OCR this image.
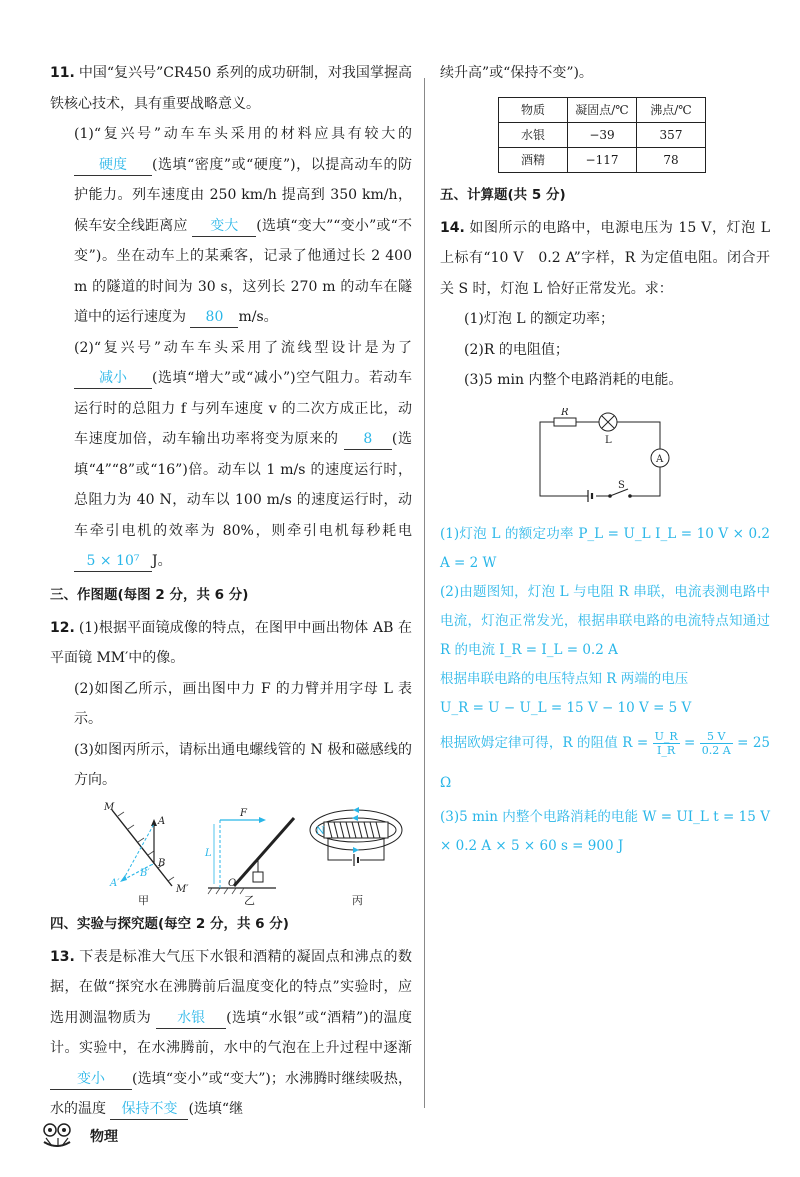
11. 中国“复兴号”CR450 系列的成功研制，对我国掌握高铁核心技术，具有重要战略意义。

(1)“复兴号”动车车头采用的材料应具有较大的 硬度 (选填“密度”或“硬度”)，以提高动车的防护能力。列车速度由 250 km/h 提高到 350 km/h，候车安全线距离应 变大 (选填“变大”“变小”或“不变”)。坐在动车上的某乘客，记录了他通过长 2 400 m 的隧道的时间为 30 s，这列长 270 m 的动车在隧道中的运行速度为 80 m/s。

(2)“复兴号”动车车头采用了流线型设计是为了 减小 (选填“增大”或“减小”)空气阻力。若动车运行时的总阻力 f 与列车速度 v 的二次方成正比，动车速度加倍，动车输出功率将变为原来的 8 (选填“4”“8”或“16”)倍。动车以 1 m/s 的速度运行时，总阻力为 40 N，动车以 100 m/s 的速度运行时，动车牵引电机的效率为 80%，则牵引电机每秒耗电 5 × 10⁷ J。

三、作图题(每图 2 分，共 6 分)

12. (1)根据平面镜成像的特点，在图甲中画出物体 AB 在平面镜 MM′中的像。

(2)如图乙所示，画出图中力 F 的力臂并用字母 L 表示。

(3)如图丙所示，请标出通电螺线管的 N 极和磁感线的方向。

M
A
B
A′
B′
M′
甲
F
L
O
乙
N
丙
四、实验与探究题(每空 2 分，共 6 分)

13. 下表是标准大气压下水银和酒精的凝固点和沸点的数据，在做“探究水在沸腾前后温度变化的特点”实验时，应选用测温物质为 水银 (选填“水银”或“酒精”)的温度计。实验中，在水沸腾前，水中的气泡在上升过程中逐渐 变小 (选填“变小”或“变大”)；水沸腾时继续吸热，水的温度 保持不变 (选填“继

续升高”或“保持不变”)。

物质	凝固点/℃	沸点/℃
水银	−39	357
酒精	−117	78
五、计算题(共 5 分)

14. 如图所示的电路中，电源电压为 15 V，灯泡 L 上标有“10 V　0.2 A”字样，R 为定值电阻。闭合开关 S 时，灯泡 L 恰好正常发光。求：

(1)灯泡 L 的额定功率；

(2)R 的电阻值；

(3)5 min 内整个电路消耗的电能。

R
L
A
S

(1)灯泡 L 的额定功率 P_L = U_L I_L = 10 V × 0.2 A = 2 W

(2)由题图知，灯泡 L 与电阻 R 串联，电流表测电路中电流，灯泡正常发光，根据串联电路的电流特点知通过 R 的电流 I_R = I_L = 0.2 A

根据串联电路的电压特点知 R 两端的电压

U_R = U − U_L = 15 V − 10 V = 5 V

根据欧姆定律可得，R 的阻值 $R = \frac{U\_R}{I\_R} = \frac{5 V}{0.2 A} = 25$ Ω

(3)5 min 内整个电路消耗的电能 W = UI_L t = 15 V × 0.2 A × 5 × 60 s = 900 J

物理
